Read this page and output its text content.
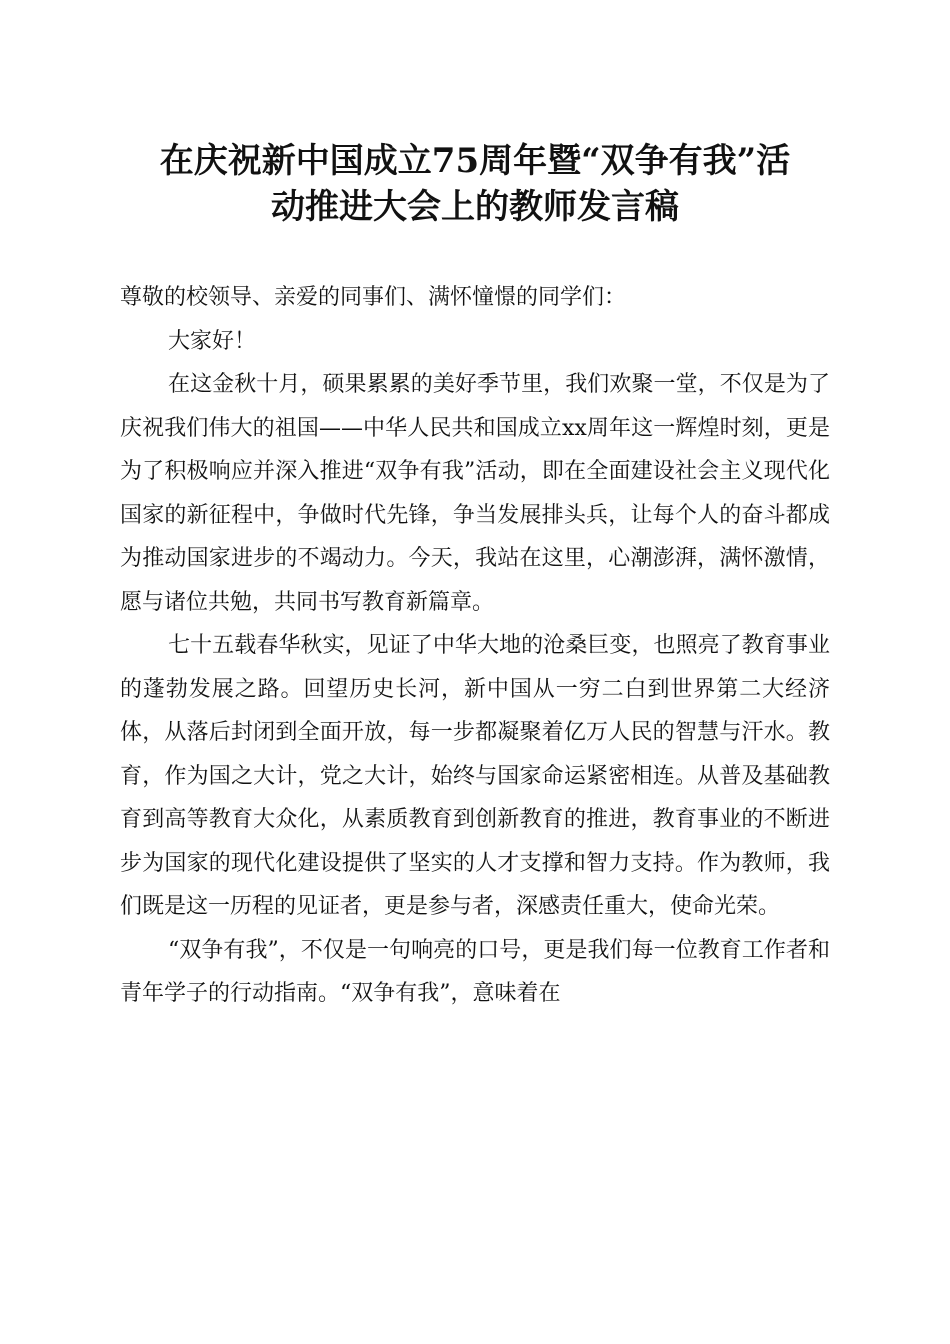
在庆祝新中国成立75周年暨“双争有我”活
动推进大会上的教师发言稿

尊敬的校领导、亲爱的同事们、满怀憧憬的同学们：

大家好！

在这金秋十月，硕果累累的美好季节里，我们欢聚一堂，不仅是为了庆祝我们伟大的祖国——中华人民共和国成立xx周年这一辉煌时刻，更是为了积极响应并深入推进“双争有我”活动，即在全面建设社会主义现代化国家的新征程中，争做时代先锋，争当发展排头兵，让每个人的奋斗都成为推动国家进步的不竭动力。今天，我站在这里，心潮澎湃，满怀激情，愿与诸位共勉，共同书写教育新篇章。

七十五载春华秋实，见证了中华大地的沧桑巨变，也照亮了教育事业的蓬勃发展之路。回望历史长河，新中国从一穷二白到世界第二大经济体，从落后封闭到全面开放，每一步都凝聚着亿万人民的智慧与汗水。教育，作为国之大计，党之大计，始终与国家命运紧密相连。从普及基础教育到高等教育大众化，从素质教育到创新教育的推进，教育事业的不断进步为国家的现代化建设提供了坚实的人才支撑和智力支持。作为教师，我们既是这一历程的见证者，更是参与者，深感责任重大，使命光荣。

“双争有我”，不仅是一句响亮的口号，更是我们每一位教育工作者和青年学子的行动指南。“双争有我”，意味着在
